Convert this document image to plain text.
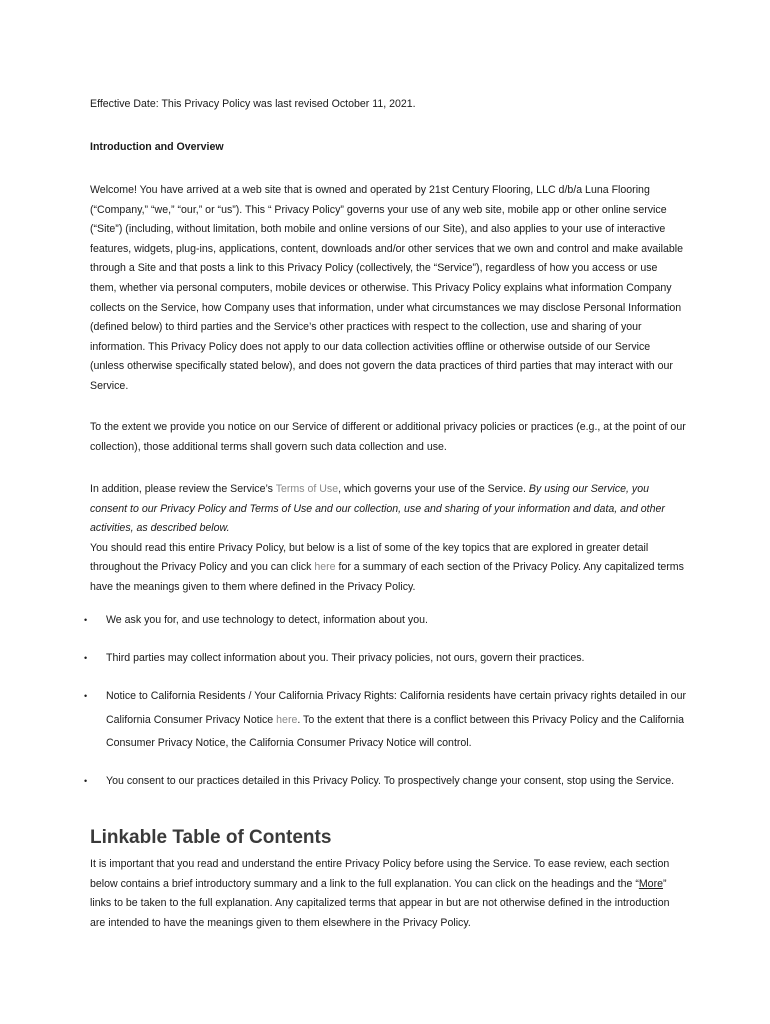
Effective Date: This Privacy Policy was last revised October 11, 2021.

Introduction and Overview

Welcome! You have arrived at a web site that is owned and operated by 21st Century Flooring, LLC d/b/a Luna Flooring (“Company,” “we,” “our,” or “us”). This “ Privacy Policy” governs your use of any web site, mobile app or other online service (“Site”) (including, without limitation, both mobile and online versions of our Site), and also applies to your use of interactive features, widgets, plug-ins, applications, content, downloads and/or other services that we own and control and make available through a Site and that posts a link to this Privacy Policy (collectively, the “Service”), regardless of how you access or use them, whether via personal computers, mobile devices or otherwise. This Privacy Policy explains what information Company collects on the Service, how Company uses that information, under what circumstances we may disclose Personal Information (defined below) to third parties and the Service’s other practices with respect to the collection, use and sharing of your information. This Privacy Policy does not apply to our data collection activities offline or otherwise outside of our Service (unless otherwise specifically stated below), and does not govern the data practices of third parties that may interact with our Service.

To the extent we provide you notice on our Service of different or additional privacy policies or practices (e.g., at the point of our collection), those additional terms shall govern such data collection and use.

In addition, please review the Service’s Terms of Use, which governs your use of the Service. By using our Service, you consent to our Privacy Policy and Terms of Use and our collection, use and sharing of your information and data, and other activities, as described below.
You should read this entire Privacy Policy, but below is a list of some of the key topics that are explored in greater detail throughout the Privacy Policy and you can click here for a summary of each section of the Privacy Policy. Any capitalized terms have the meanings given to them where defined in the Privacy Policy.
• We ask you for, and use technology to detect, information about you.
• Third parties may collect information about you. Their privacy policies, not ours, govern their practices.
• Notice to California Residents / Your California Privacy Rights: California residents have certain privacy rights detailed in our California Consumer Privacy Notice here. To the extent that there is a conflict between this Privacy Policy and the California Consumer Privacy Notice, the California Consumer Privacy Notice will control.
• You consent to our practices detailed in this Privacy Policy. To prospectively change your consent, stop using the Service.
Linkable Table of Contents

It is important that you read and understand the entire Privacy Policy before using the Service. To ease review, each section below contains a brief introductory summary and a link to the full explanation. You can click on the headings and the “More” links to be taken to the full explanation. Any capitalized terms that appear in but are not otherwise defined in the introduction are intended to have the meanings given to them elsewhere in the Privacy Policy.
